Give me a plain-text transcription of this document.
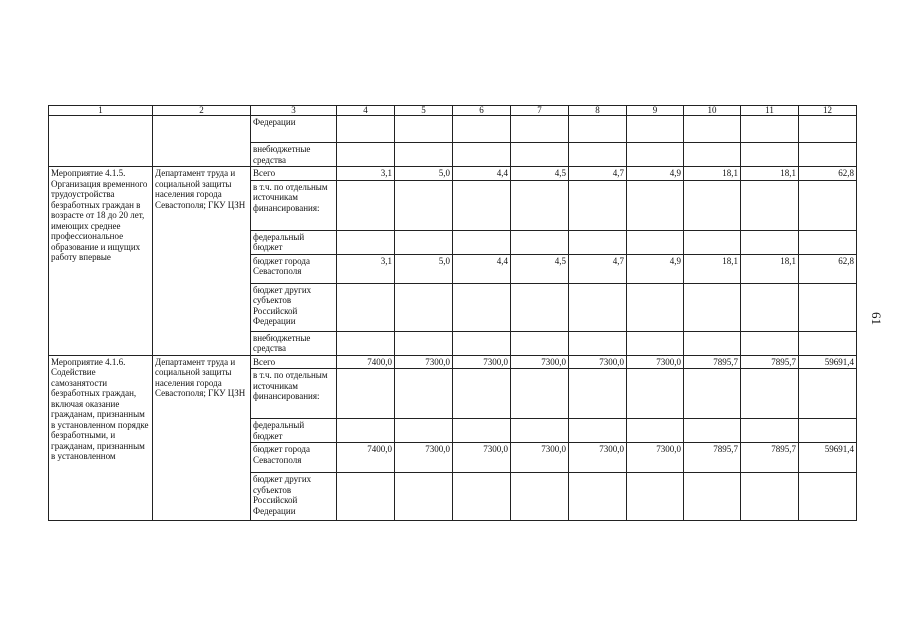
1	2	3	4	5	6	7	8	9	10	11	12
		Федерации									
		внебюджетные средства									
Мероприятие 4.1.5. Организация временного трудоустройства безработных граждан в возрасте от 18 до 20 лет, имеющих среднее профессиональное образование и ищущих работу впервые	Департамент труда и социальной защиты населения города Севастополя; ГКУ ЦЗН	Всего	3,1	5,0	4,4	4,5	4,7	4,9	18,1	18,1	62,8
		в т.ч. по отдельным источникам финансирования:									
		федеральный бюджет									
		бюджет города Севастополя	3,1	5,0	4,4	4,5	4,7	4,9	18,1	18,1	62,8
		бюджет других субъектов Российской Федерации									
		внебюджетные средства									
Мероприятие 4.1.6. Содействие самозанятости безработных граждан, включая оказание гражданам, признанным в установленном порядке безработными, и гражданам, признанным в установленном	Департамент труда и социальной защиты населения города Севастополя; ГКУ ЦЗН	Всего	7400,0	7300,0	7300,0	7300,0	7300,0	7300,0	7895,7	7895,7	59691,4
		в т.ч. по отдельным источникам финансирования:									
		федеральный бюджет									
		бюджет города Севастополя	7400,0	7300,0	7300,0	7300,0	7300,0	7300,0	7895,7	7895,7	59691,4
		бюджет других субъектов Российской Федерации									
61
